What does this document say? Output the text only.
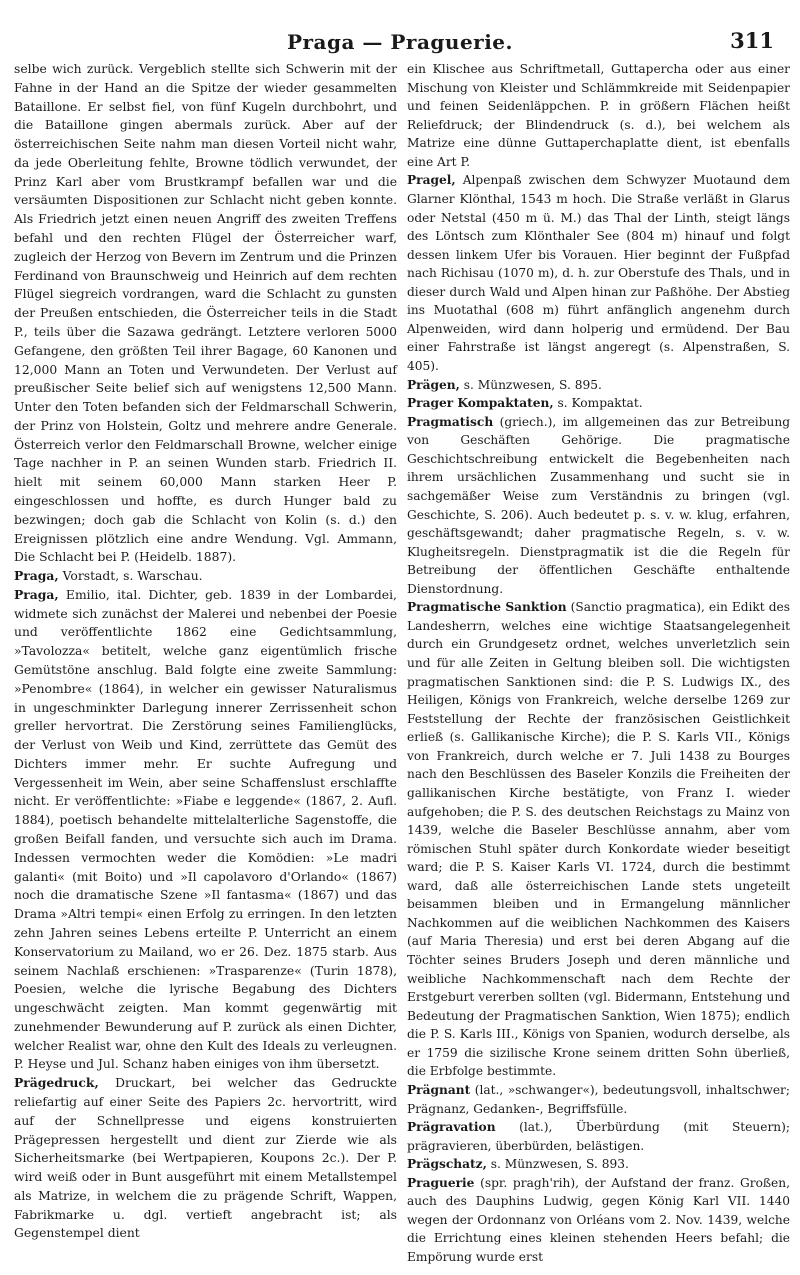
Praga — Praguerie.	311

selbe wich zurück. Vergeblich stellte sich Schwerin mit der Fahne in der Hand an die Spitze der wieder gesammelten Bataillone. Er selbst fiel, von fünf Kugeln durchbohrt, und die Bataillone gingen abermals zurück. Aber auf der österreichischen Seite nahm man diesen Vorteil nicht wahr, da jede Oberleitung fehlte, Browne tödlich verwundet, der Prinz Karl aber vom Brustkrampf befallen war und die versäumten Dispositionen zur Schlacht nicht geben konnte. Als Friedrich jetzt einen neuen Angriff des zweiten Treffens befahl und den rechten Flügel der Österreicher warf, zugleich der Herzog von Bevern im Zentrum und die Prinzen Ferdinand von Braunschweig und Heinrich auf dem rechten Flügel siegreich vordrangen, ward die Schlacht zu gunsten der Preußen entschieden, die Österreicher teils in die Stadt P., teils über die Sazawa gedrängt. Letztere verloren 5000 Gefangene, den größten Teil ihrer Bagage, 60 Kanonen und 12,000 Mann an Toten und Verwundeten. Der Verlust auf preußischer Seite belief sich auf wenigstens 12,500 Mann. Unter den Toten befanden sich der Feldmarschall Schwerin, der Prinz von Holstein, Goltz und mehrere andre Generale. Österreich verlor den Feldmarschall Browne, welcher einige Tage nachher in P. an seinen Wunden starb. Friedrich II. hielt mit seinem 60,000 Mann starken Heer P. eingeschlossen und hoffte, es durch Hunger bald zu bezwingen; doch gab die Schlacht von Kolin (s. d.) den Ereignissen plötzlich eine andre Wendung. Vgl. Ammann, Die Schlacht bei P. (Heidelb. 1887).

Praga, Vorstadt, s. Warschau.

Praga, Emilio, ital. Dichter, geb. 1839 in der Lombardei, widmete sich zunächst der Malerei und nebenbei der Poesie und veröffentlichte 1862 eine Gedichtsammlung, »Tavolozza« betitelt, welche ganz eigentümlich frische Gemütstöne anschlug. Bald folgte eine zweite Sammlung: »Penombre« (1864), in welcher ein gewisser Naturalismus in ungeschminkter Darlegung innerer Zerrissenheit schon greller hervortrat. Die Zerstörung seines Familienglücks, der Verlust von Weib und Kind, zerrüttete das Gemüt des Dichters immer mehr. Er suchte Aufregung und Vergessenheit im Wein, aber seine Schaffenslust erschlaffte nicht. Er veröffentlichte: »Fiabe e leggende« (1867, 2. Aufl. 1884), poetisch behandelte mittelalterliche Sagenstoffe, die großen Beifall fanden, und versuchte sich auch im Drama. Indessen vermochten weder die Komödien: »Le madri galanti« (mit Boito) und »Il capolavoro d'Orlando« (1867) noch die dramatische Szene »Il fantasma« (1867) und das Drama »Altri tempi« einen Erfolg zu erringen. In den letzten zehn Jahren seines Lebens erteilte P. Unterricht an einem Konservatorium zu Mailand, wo er 26. Dez. 1875 starb. Aus seinem Nachlaß erschienen: »Trasparenze« (Turin 1878), Poesien, welche die lyrische Begabung des Dichters ungeschwächt zeigten. Man kommt gegenwärtig mit zunehmender Bewunderung auf P. zurück als einen Dichter, welcher Realist war, ohne den Kult des Ideals zu verleugnen. P. Heyse und Jul. Schanz haben einiges von ihm übersetzt.

Prägedruck, Druckart, bei welcher das Gedruckte reliefartig auf einer Seite des Papiers 2c. hervortritt, wird auf der Schnellpresse und eigens konstruierten Prägepressen hergestellt und dient zur Zierde wie als Sicherheitsmarke (bei Wertpapieren, Koupons 2c.). Der P. wird weiß oder in Bunt ausgeführt mit einem Metallstempel als Matrize, in welchem die zu prägende Schrift, Wappen, Fabrikmarke u. dgl. vertieft angebracht ist; als Gegenstempel dient

ein Klischee aus Schriftmetall, Guttapercha oder aus einer Mischung von Kleister und Schlämmkreide mit Seidenpapier und feinen Seidenläppchen. P. in größern Flächen heißt Reliefdruck; der Blindendruck (s. d.), bei welchem als Matrize eine dünne Guttaperchaplatte dient, ist ebenfalls eine Art P.

Pragel, Alpenpaß zwischen dem Schwyzer Muotaund dem Glarner Klönthal, 1543 m hoch. Die Straße verläßt in Glarus oder Netstal (450 m ü. M.) das Thal der Linth, steigt längs des Löntsch zum Klönthaler See (804 m) hinauf und folgt dessen linkem Ufer bis Vorauen. Hier beginnt der Fußpfad nach Richisau (1070 m), d. h. zur Oberstufe des Thals, und in dieser durch Wald und Alpen hinan zur Paßhöhe. Der Abstieg ins Muotathal (608 m) führt anfänglich angenehm durch Alpenweiden, wird dann holperig und ermüdend. Der Bau einer Fahrstraße ist längst angeregt (s. Alpenstraßen, S. 405).

Prägen, s. Münzwesen, S. 895.

Prager Kompaktaten, s. Kompaktat.

Pragmatisch (griech.), im allgemeinen das zur Betreibung von Geschäften Gehörige. Die pragmatische Geschichtschreibung entwickelt die Begebenheiten nach ihrem ursächlichen Zusammenhang und sucht sie in sachgemäßer Weise zum Verständnis zu bringen (vgl. Geschichte, S. 206). Auch bedeutet p. s. v. w. klug, erfahren, geschäftsgewandt; daher pragmatische Regeln, s. v. w. Klugheitsregeln. Dienstpragmatik ist die die Regeln für Betreibung der öffentlichen Geschäfte enthaltende Dienstordnung.

Pragmatische Sanktion (Sanctio pragmatica), ein Edikt des Landesherrn, welches eine wichtige Staatsangelegenheit durch ein Grundgesetz ordnet, welches unverletzlich sein und für alle Zeiten in Geltung bleiben soll. Die wichtigsten pragmatischen Sanktionen sind: die P. S. Ludwigs IX., des Heiligen, Königs von Frankreich, welche derselbe 1269 zur Feststellung der Rechte der französischen Geistlichkeit erließ (s. Gallikanische Kirche); die P. S. Karls VII., Königs von Frankreich, durch welche er 7. Juli 1438 zu Bourges nach den Beschlüssen des Baseler Konzils die Freiheiten der gallikanischen Kirche bestätigte, von Franz I. wieder aufgehoben; die P. S. des deutschen Reichstags zu Mainz von 1439, welche die Baseler Beschlüsse annahm, aber vom römischen Stuhl später durch Konkordate wieder beseitigt ward; die P. S. Kaiser Karls VI. 1724, durch die bestimmt ward, daß alle österreichischen Lande stets ungeteilt beisammen bleiben und in Ermangelung männlicher Nachkommen auf die weiblichen Nachkommen des Kaisers (auf Maria Theresia) und erst bei deren Abgang auf die Töchter seines Bruders Joseph und deren männliche und weibliche Nachkommenschaft nach dem Rechte der Erstgeburt vererben sollten (vgl. Bidermann, Entstehung und Bedeutung der Pragmatischen Sanktion, Wien 1875); endlich die P. S. Karls III., Königs von Spanien, wodurch derselbe, als er 1759 die sizilische Krone seinem dritten Sohn überließ, die Erbfolge bestimmte.

Prägnant (lat., »schwanger«), bedeutungsvoll, inhaltschwer; Prägnanz, Gedanken-, Begriffsfülle.

Prägravation (lat.), Überbürdung (mit Steuern); prägravieren, überbürden, belästigen.

Prägschatz, s. Münzwesen, S. 893.

Praguerie (spr. pragh'rih), der Aufstand der franz. Großen, auch des Dauphins Ludwig, gegen König Karl VII. 1440 wegen der Ordonnanz von Orléans vom 2. Nov. 1439, welche die Errichtung eines kleinen stehenden Heers befahl; die Empörung wurde erst
